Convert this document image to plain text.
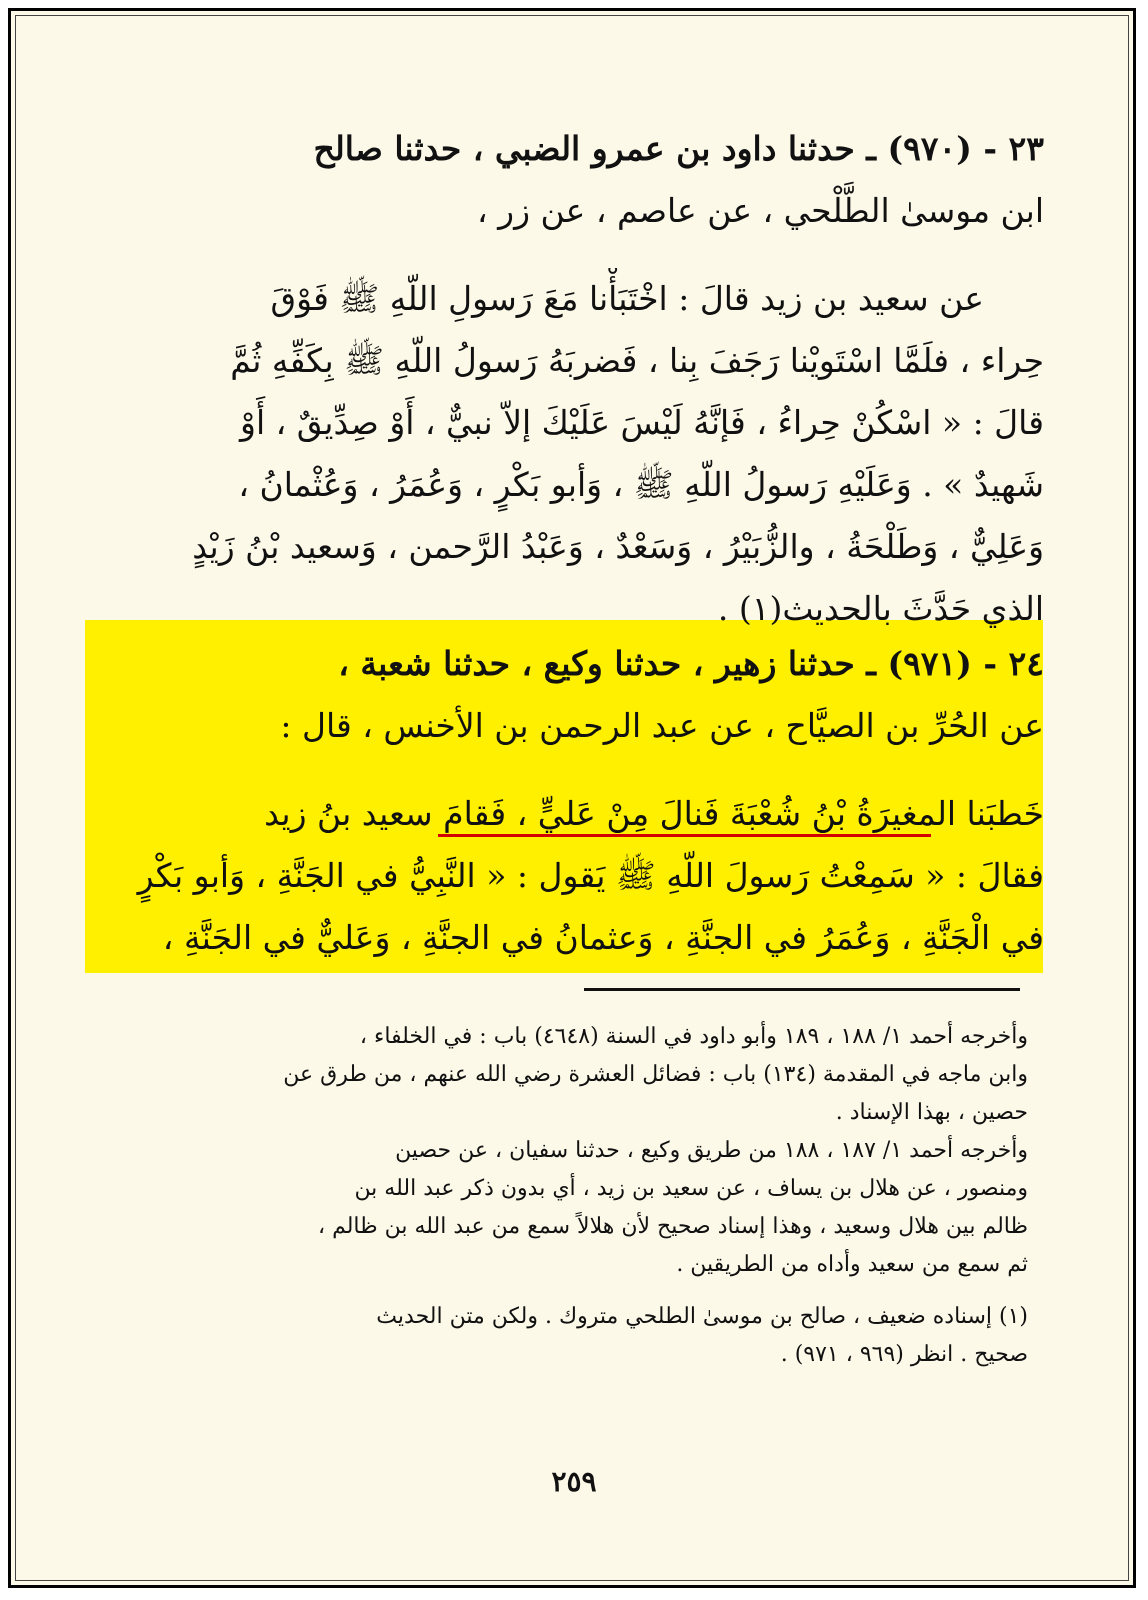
٢٣ - (٩٧٠) ـ حدثنا داود بن عمرو الضبي ، حدثنا صالح
ابن موسىٰ الطَّلْحي ، عن عاصم ، عن زر ،
عن سعيد بن زيد قالَ : اخْتَبَأْنا مَعَ رَسولِ اللّهِ ﷺ فَوْقَ
حِراء ، فلَمَّا اسْتَويْنا رَجَفَ بِنا ، فَضربَهُ رَسولُ اللّهِ ﷺ بِكَفِّهِ ثُمَّ
قالَ : « اسْكُنْ حِراءُ ، فَإنَّهُ لَيْسَ عَلَيْكَ إلاّ نبيٌّ ، أَوْ صِدِّيقٌ ، أَوْ
شَهيدٌ » . وَعَلَيْهِ رَسولُ اللّهِ ﷺ ، وَأبو بَكْرٍ ، وَعُمَرُ ، وَعُثْمانُ ،
وَعَلِيٌّ ، وَطَلْحَةُ ، والزُّبَيْرُ ، وَسَعْدٌ ، وَعَبْدُ الرَّحمن ، وَسعيد بْنُ زَيْدٍ
الذي حَدَّثَ بالحديث(١) .
٢٤ - (٩٧١) ـ حدثنا زهير ، حدثنا وكيع ، حدثنا شعبة ،
عن الحُرِّ بن الصيَّاح ، عن عبد الرحمن بن الأخنس ، قال :
خَطبَنا المغيرَةُ بْنُ شُعْبَةَ فَنالَ مِنْ عَليٍّ ، فَقامَ سعيد بنُ زيد
فقالَ : « سَمِعْتُ رَسولَ اللّهِ ﷺ يَقول : « النَّبِيُّ في الجَنَّةِ ، وَأبو بَكْرٍ
في الْجَنَّةِ ، وَعُمَرُ في الجنَّةِ ، وَعثمانُ في الجنَّةِ ، وَعَليٌّ في الجَنَّةِ ،
وأخرجه أحمد ١/ ١٨٨ ، ١٨٩ وأبو داود في السنة (٤٦٤٨) باب : في الخلفاء ،
وابن ماجه في المقدمة (١٣٤) باب : فضائل العشرة رضي الله عنهم ، من طرق عن
حصين ، بهذا الإسناد .
وأخرجه أحمد ١/ ١٨٧ ، ١٨٨ من طريق وكيع ، حدثنا سفيان ، عن حصين
ومنصور ، عن هلال بن يساف ، عن سعيد بن زيد ، أي بدون ذكر عبد الله بن
ظالم بين هلال وسعيد ، وهذا إسناد صحيح لأن هلالاً سمع من عبد الله بن ظالم ،
ثم سمع من سعيد وأداه من الطريقين .
(١) إسناده ضعيف ، صالح بن موسىٰ الطلحي متروك . ولكن متن الحديث
صحيح . انظر (٩٦٩ ، ٩٧١) .
٢٥٩
